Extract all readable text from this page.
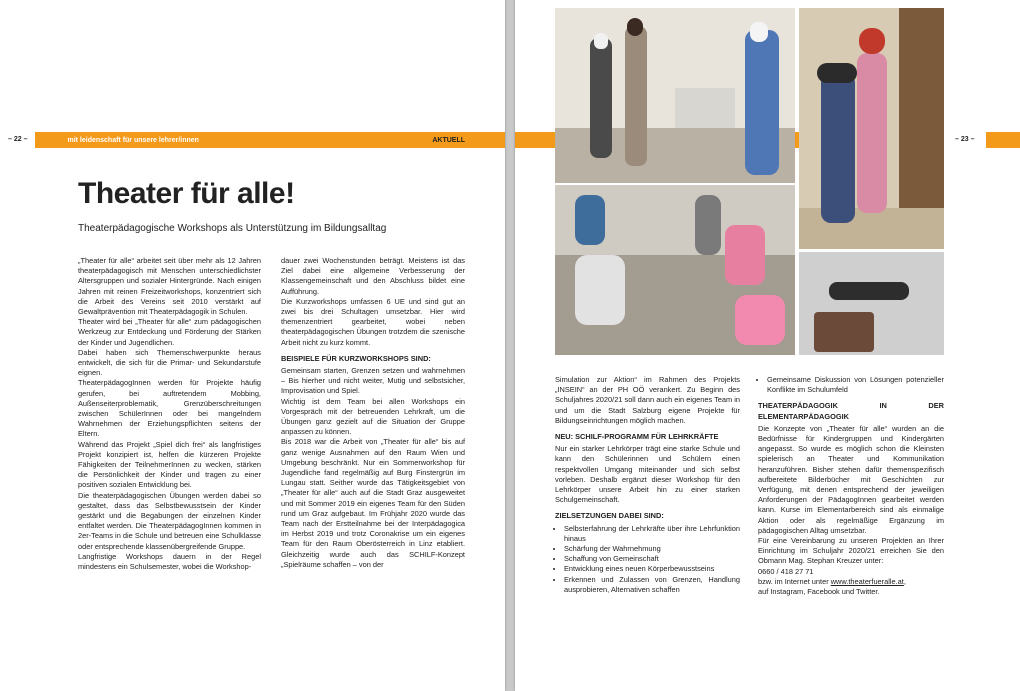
– 22 –	mit leidenschaft für unsere lehrer/innen	AKTUELL
Theater für alle!
Theaterpädagogische Workshops als Unterstützung im Bildungsalltag

„Theater für alle“ arbeitet seit über mehr als 12 Jahren theaterpädagogisch mit Menschen unterschiedlichster Altersgruppen und sozialer Hintergründe. Nach einigen Jahren mit reinen Freizeitworkshops, konzentriert sich die Arbeit des Vereins seit 2010 verstärkt auf Gewaltprävention mit Theaterpädagogik in Schulen.

Theater wird bei „Theater für alle“ zum pädagogischen Werkzeug zur Entdeckung und Förderung der Stärken der Kinder und Jugendlichen.

Dabei haben sich Themenschwerpunkte heraus entwickelt, die sich für die Primar- und Sekundarstufe eignen.

TheaterpädagogInnen werden für Projekte häufig gerufen, bei auftretendem Mobbing, Außenseiterproblematik, Grenzüberschreitungen zwischen SchülerInnen oder bei mangelndem Wahrnehmen der Erziehungspflichten seitens der Eltern.

Während das Projekt „Spiel dich frei“ als langfristiges Projekt konzipiert ist, helfen die kürzeren Projekte Fähigkeiten der TeilnehmerInnen zu wecken, stärken die Persönlichkeit der Kinder und tragen zu einer positiven sozialen Entwicklung bei.

Die theaterpädagogischen Übungen werden dabei so gestaltet, dass das Selbstbewusstsein der Kinder gestärkt und die Begabungen der einzelnen Kinder entfaltet werden. Die TheaterpädagogInnen kommen in 2er-Teams in die Schule und betreuen eine Schulklasse oder entsprechende klassenübergreifende Gruppe.

Langfristige Workshops dauern in der Regel mindestens ein Schulsemester, wobei die Workshop-

dauer zwei Wochenstunden beträgt. Meistens ist das Ziel dabei eine allgemeine Verbesserung der Klassengemeinschaft und den Abschluss bildet eine Aufführung.

Die Kurzworkshops umfassen 6 UE und sind gut an zwei bis drei Schultagen umsetzbar. Hier wird themenzentriert gearbeitet, wobei neben theaterpädagogischen Übungen trotzdem die szenische Arbeit nicht zu kurz kommt.

BEISPIELE FÜR KURZWORKSHOPS SIND:

Gemeinsam starten, Grenzen setzen und wahrnehmen – Bis hierher und nicht weiter, Mutig und selbstsicher, Improvisation und Spiel.

Wichtig ist dem Team bei allen Workshops ein Vorgespräch mit der betreuenden Lehrkraft, um die Übungen ganz gezielt auf die Situation der Gruppe anpassen zu können.

Bis 2018 war die Arbeit von „Theater für alle“ bis auf ganz wenige Ausnahmen auf den Raum Wien und Umgebung beschränkt. Nur ein Sommerworkshop für Jugendliche fand regelmäßig auf Burg Finstergrün im Lungau statt. Seither wurde das Tätigkeitsgebiet von „Theater für alle“ auch auf die Stadt Graz ausgeweitet und mit Sommer 2019 ein eigenes Team für den Süden rund um Graz aufgebaut. Im Frühjahr 2020 wurde das Team nach der Erstteilnahme bei der Interpädagogica im Herbst 2019 und trotz Coronakrise um ein eigenes Team für den Raum Oberösterreich in Linz etabliert. Gleichzeitig wurde auch das SCHILF-Konzept „Spielräume schaffen – von der

– 23 –

Simulation zur Aktion“ im Rahmen des Projekts „INSEIN“ an der PH OÖ verankert. Zu Beginn des Schuljahres 2020/21 soll dann auch ein eigenes Team in und um die Stadt Salzburg eigene Projekte für Bildungseinrichtungen möglich machen.

NEU: SCHILF-PROGRAMM FÜR LEHRKRÄFTE

Nur ein starker Lehrkörper trägt eine starke Schule und kann den Schülerinnen und Schülern einen respektvollen Umgang miteinander und sich selbst vorleben. Deshalb ergänzt dieser Workshop für den Lehrkörper unsere Arbeit hin zu einer starken Schulgemeinschaft.

ZIELSETZUNGEN DABEI SIND:
• Selbsterfahrung der Lehrkräfte über ihre Lehrfunktion hinaus
• Schärfung der Wahrnehmung
• Schaffung von Gemeinschaft
• Entwicklung eines neuen Körperbewusstseins
• Erkennen und Zulassen von Grenzen, Handlung ausprobieren, Alternativen schaffen
• Gemeinsame Diskussion von Lösungen potenzieller Konflikte im Schulumfeld
THEATERPÄDAGOGIK IN DER ELEMENTARPÄDAGOGIK

Die Konzepte von „Theater für alle“ wurden an die Bedürfnisse für Kindergruppen und Kindergärten angepasst. So wurde es möglich schon die Kleinsten spielerisch an Theater und Kommunikation heranzuführen. Bisher stehen dafür themenspezifisch aufbereitete Bilderbücher mit Geschichten zur Verfügung, mit denen entsprechend der jeweiligen Anforderungen der PädagogInnen gearbeitet werden kann. Kurse im Elementarbereich sind als einmalige Aktion oder als regelmäßige Ergänzung im pädagogischen Alltag umsetzbar.

Für eine Vereinbarung zu unseren Projekten an Ihrer Einrichtung im Schuljahr 2020/21 erreichen Sie den Obmann Mag. Stephan Kreuzer unter:

0660 / 418 27 71

bzw. im Internet unter www.theaterfueralle.at,

auf Instagram, Facebook und Twitter.
